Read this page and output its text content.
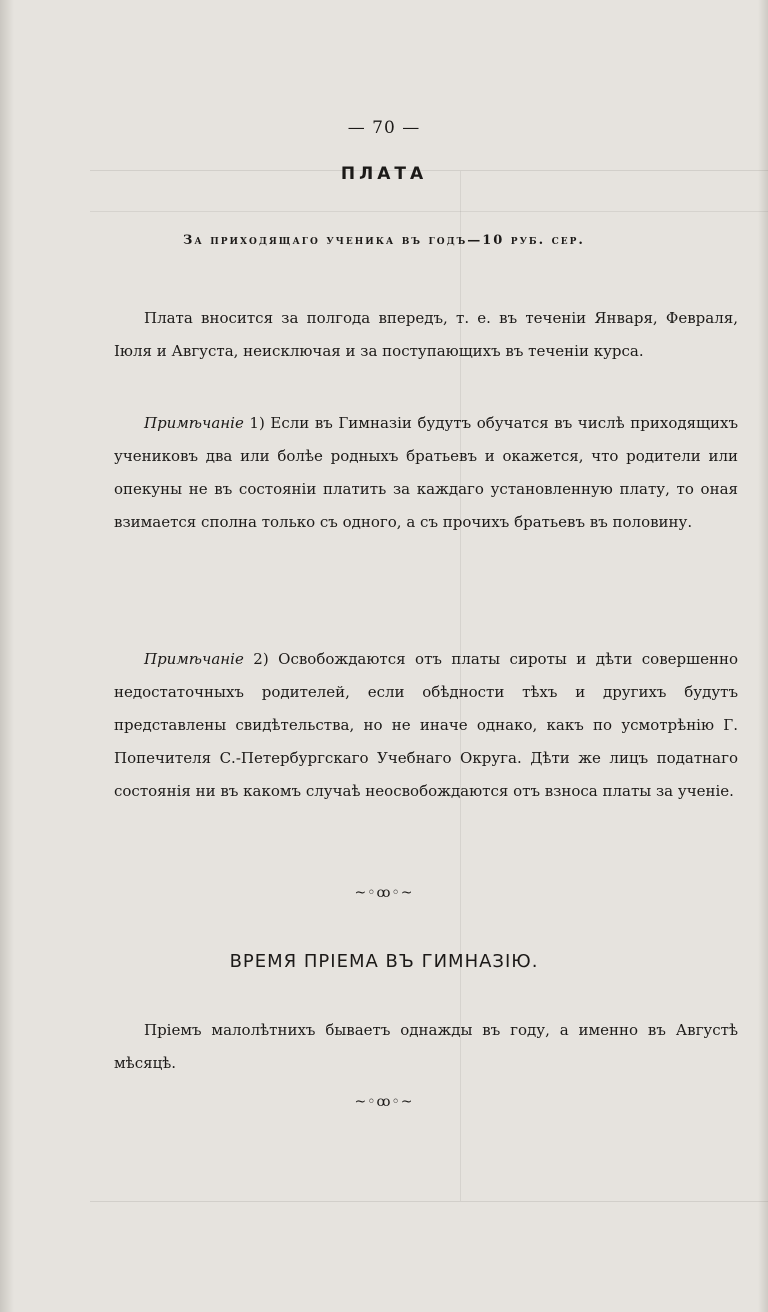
— 70 —
ПЛАТА
За приходящаго ученика въ годъ—10 руб. сер.

Плата вносится за полгода впередъ, т. е. въ теченіи Января, Февраля, Іюля и Августа, неисключая и за поступающихъ въ теченіи курса.

Примѣчаніе 1) Если въ Гимназіи будутъ обучатся въ числѣ приходящихъ учениковъ два или болѣе родныхъ братьевъ и окажется, что родители или опекуны не въ состояніи платить за каждаго установленную плату, то оная взимается сполна только съ одного, а съ прочихъ братьевъ въ половину.

Примѣчаніе 2) Освобождаются отъ платы сироты и дѣти совершенно недостаточныхъ родителей, если обѣдности тѣхъ и другихъ будутъ представлены свидѣтельства, но не иначе однако, какъ по усмотрѣнію Г. Попечителя С.-Петербургскаго Учебнаго Округа. Дѣти же лицъ податнаго состоянія ни въ какомъ случаѣ неосвобождаются отъ взноса платы за ученіе.

~◦ꝏ◦~
ВРЕМЯ ПРІЕМА ВЪ ГИМНАЗІЮ.

Пріемъ малолѣтнихъ бываетъ однажды въ году, а именно въ Августѣ мѣсяцѣ.

~◦ꝏ◦~
